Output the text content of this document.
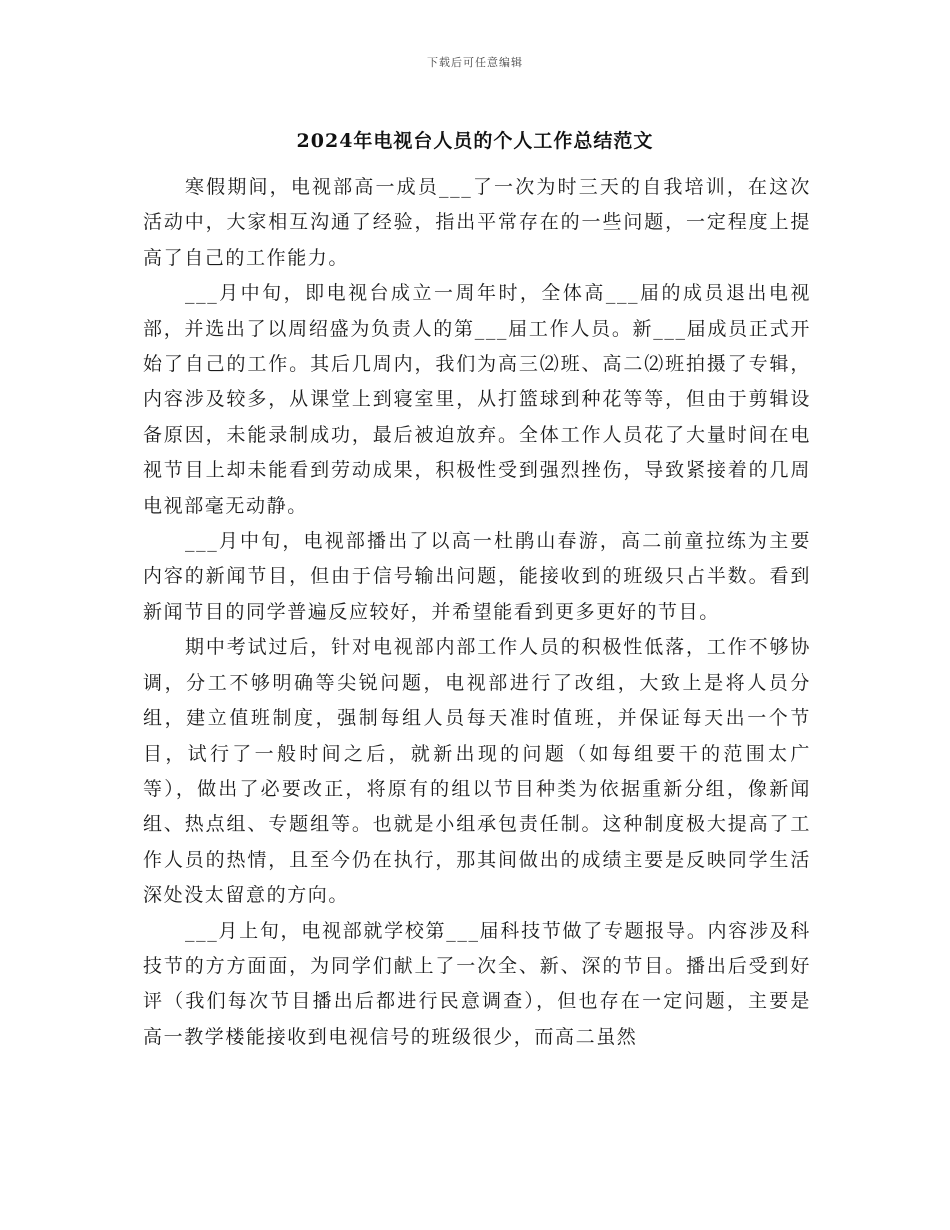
下载后可任意编辑
2024年电视台人员的个人工作总结范文

寒假期间，电视部高一成员___了一次为时三天的自我培训，在这次活动中，大家相互沟通了经验，指出平常存在的一些问题，一定程度上提高了自己的工作能力。

___月中旬，即电视台成立一周年时，全体高___届的成员退出电视部，并选出了以周绍盛为负责人的第___届工作人员。新___届成员正式开始了自己的工作。其后几周内，我们为高三⑵班、高二⑵班拍摄了专辑，内容涉及较多，从课堂上到寝室里，从打篮球到种花等等，但由于剪辑设备原因，未能录制成功，最后被迫放弃。全体工作人员花了大量时间在电视节目上却未能看到劳动成果，积极性受到强烈挫伤，导致紧接着的几周电视部毫无动静。

___月中旬，电视部播出了以高一杜鹃山春游，高二前童拉练为主要内容的新闻节目，但由于信号输出问题，能接收到的班级只占半数。看到新闻节目的同学普遍反应较好，并希望能看到更多更好的节目。

期中考试过后，针对电视部内部工作人员的积极性低落，工作不够协调，分工不够明确等尖锐问题，电视部进行了改组，大致上是将人员分组，建立值班制度，强制每组人员每天准时值班，并保证每天出一个节目，试行了一般时间之后，就新出现的问题（如每组要干的范围太广等），做出了必要改正，将原有的组以节目种类为依据重新分组，像新闻组、热点组、专题组等。也就是小组承包责任制。这种制度极大提高了工作人员的热情，且至今仍在执行，那其间做出的成绩主要是反映同学生活深处没太留意的方向。

___月上旬，电视部就学校第___届科技节做了专题报导。内容涉及科技节的方方面面，为同学们献上了一次全、新、深的节目。播出后受到好评（我们每次节目播出后都进行民意调查），但也存在一定问题，主要是高一教学楼能接收到电视信号的班级很少，而高二虽然
